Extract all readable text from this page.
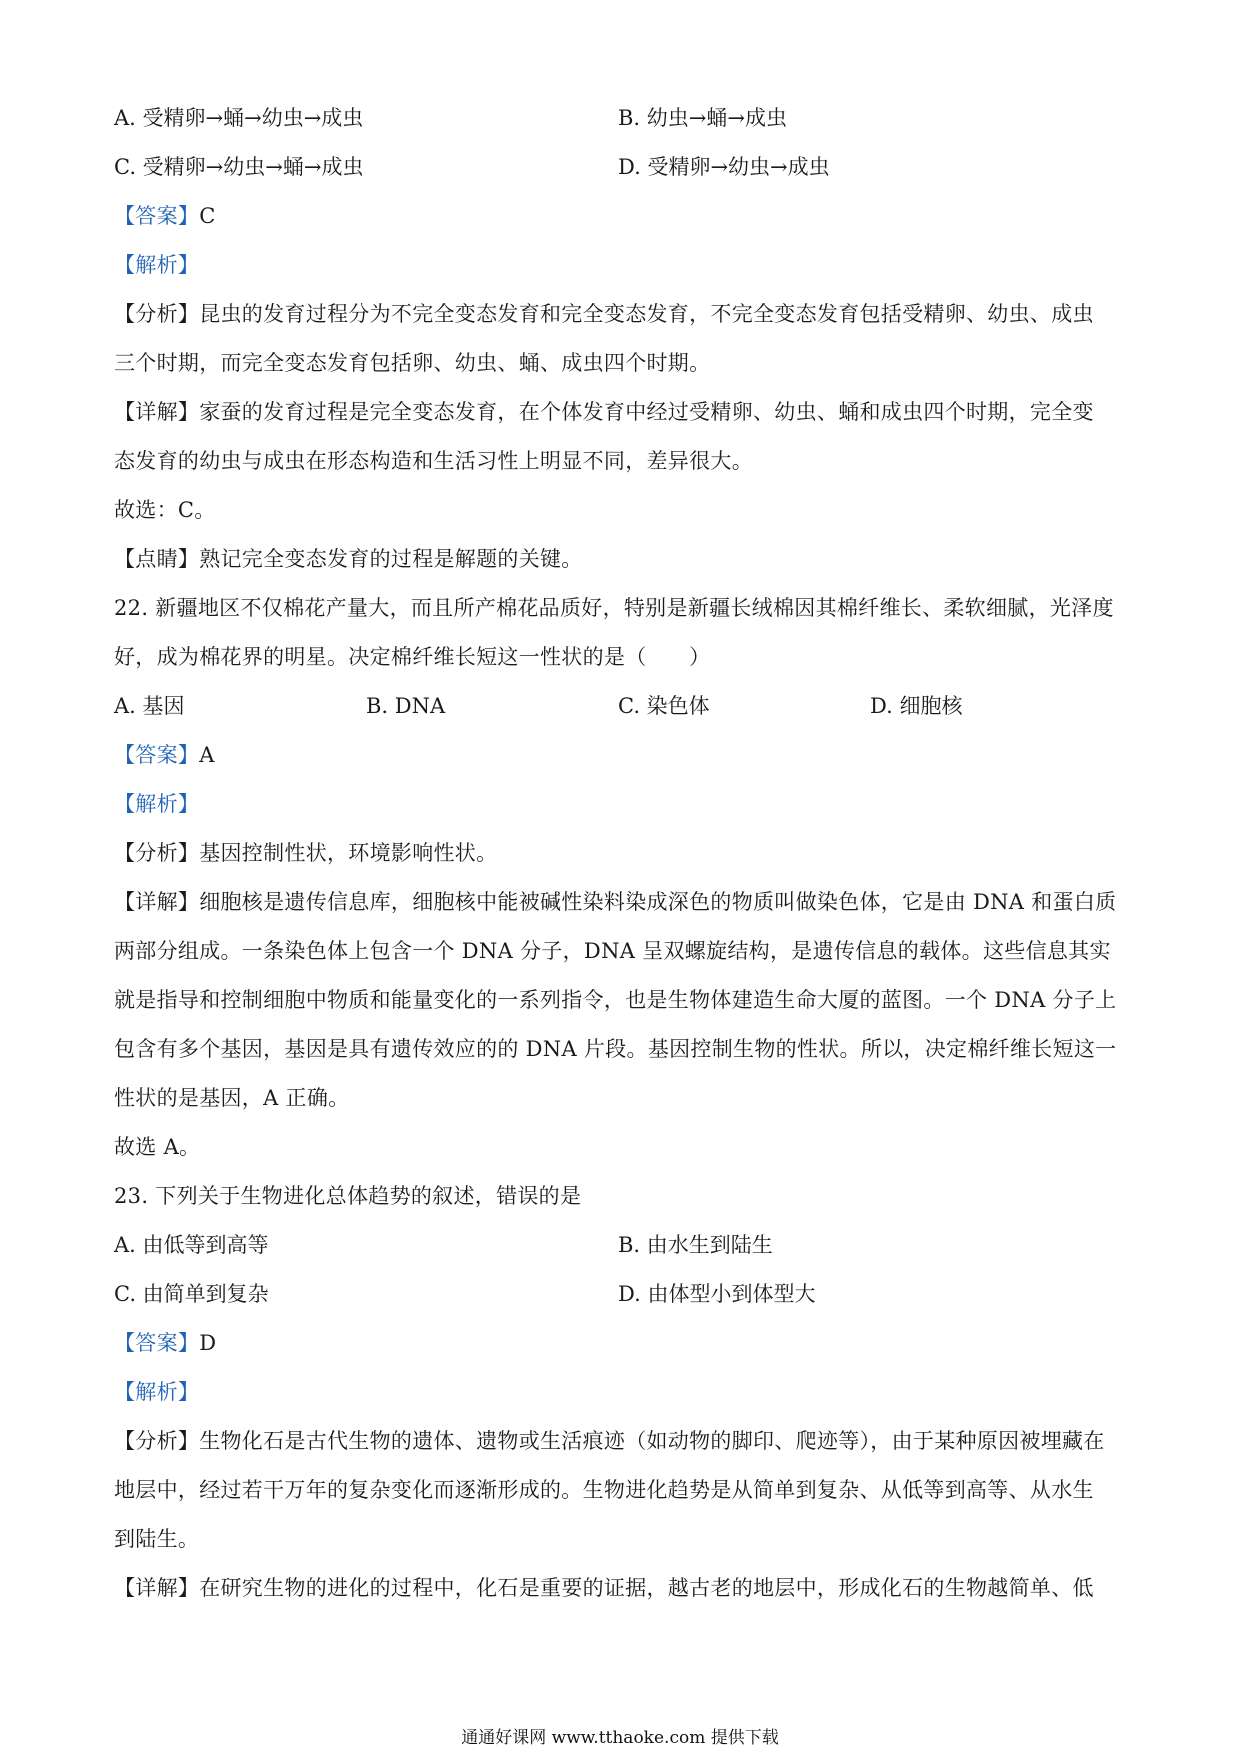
A. 受精卵→蛹→幼虫→成虫	B. 幼虫→蛹→成虫
C. 受精卵→幼虫→蛹→成虫	D. 受精卵→幼虫→成虫
【答案】C
【解析】
【分析】昆虫的发育过程分为不完全变态发育和完全变态发育，不完全变态发育包括受精卵、幼虫、成虫
三个时期，而完全变态发育包括卵、幼虫、蛹、成虫四个时期。
【详解】家蚕的发育过程是完全变态发育，在个体发育中经过受精卵、幼虫、蛹和成虫四个时期，完全变
态发育的幼虫与成虫在形态构造和生活习性上明显不同，差异很大。
故选：C。
【点睛】熟记完全变态发育的过程是解题的关键。
22. 新疆地区不仅棉花产量大，而且所产棉花品质好，特别是新疆长绒棉因其棉纤维长、柔软细腻，光泽度
好，成为棉花界的明星。决定棉纤维长短这一性状的是（　　）
A. 基因	B. DNA	C. 染色体	D. 细胞核
【答案】A
【解析】
【分析】基因控制性状，环境影响性状。
【详解】细胞核是遗传信息库，细胞核中能被碱性染料染成深色的物质叫做染色体，它是由 DNA 和蛋白质
两部分组成。一条染色体上包含一个 DNA 分子，DNA 呈双螺旋结构，是遗传信息的载体。这些信息其实
就是指导和控制细胞中物质和能量变化的一系列指令，也是生物体建造生命大厦的蓝图。一个 DNA 分子上
包含有多个基因，基因是具有遗传效应的的 DNA 片段。基因控制生物的性状。所以，决定棉纤维长短这一
性状的是基因，A 正确。
故选 A。
23. 下列关于生物进化总体趋势的叙述，错误的是
A. 由低等到高等	B. 由水生到陆生
C. 由简单到复杂	D. 由体型小到体型大
【答案】D
【解析】
【分析】生物化石是古代生物的遗体、遗物或生活痕迹（如动物的脚印、爬迹等），由于某种原因被埋藏在
地层中，经过若干万年的复杂变化而逐渐形成的。生物进化趋势是从简单到复杂、从低等到高等、从水生
到陆生。
【详解】在研究生物的进化的过程中，化石是重要的证据，越古老的地层中，形成化石的生物越简单、低
通通好课网 www.tthaoke.com 提供下载
